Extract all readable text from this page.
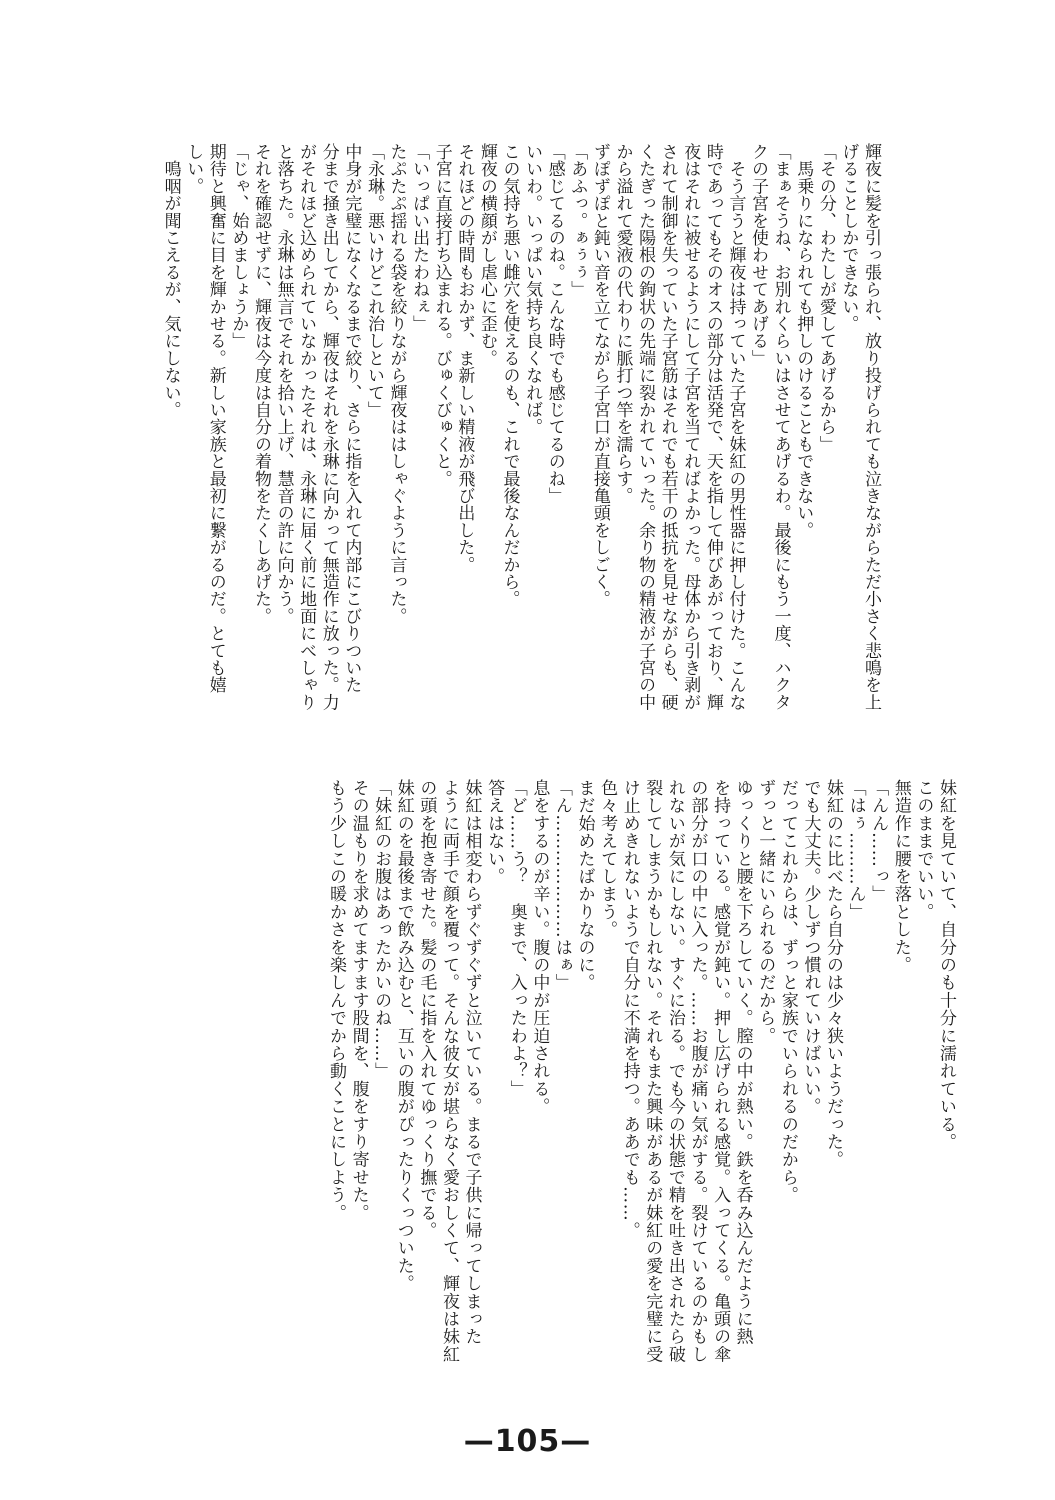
輝夜に髪を引っ張られ、放り投げられても泣きながらただ小さく悲鳴を上
げることしかできない。
「その分、わたしが愛してあげるから」
　馬乗りになられても押しのけることもできない。
「まぁそうね、お別れくらいはさせてあげるわ。最後にもう一度、ハクタ
クの子宮を使わせてあげる」
　そう言うと輝夜は持っていた子宮を妹紅の男性器に押し付けた。こんな
時であってもそのオスの部分は活発で、天を指して伸びあがっており、輝
夜はそれに被せるようにして子宮を当てればよかった。母体から引き剥が
されて制御を失っていた子宮筋はそれでも若干の抵抗を見せながらも、硬
くたぎった陽根の鉤状の先端に裂かれていった。余り物の精液が子宮の中
から溢れて愛液の代わりに脈打つ竿を濡らす。
ずぽずぽと鈍い音を立てながら子宮口が直接亀頭をしごく。
「あふっ。ぁぅぅ」
「感じてるのね。こんな時でも感じてるのね」
いいわ。いっぱい気持ち良くなれば。
この気持ち悪い雌穴を使えるのも、これで最後なんだから。
輝夜の横顔がし虐心に歪む。
それほどの時間もおかず、ま新しい精液が飛び出した。
子宮に直接打ち込まれる。びゅくびゅくと。
「いっぱい出たわねぇ」
たぷたぷ揺れる袋を絞りながら輝夜ははしゃぐように言った。
「永琳。悪いけどこれ治しといて」
中身が完璧になくなるまで絞り、さらに指を入れて内部にこびりついた
分まで掻き出してから、輝夜はそれを永琳に向かって無造作に放った。力
がそれほど込められていなかったそれは、永琳に届く前に地面にべしゃり
と落ちた。永琳は無言でそれを拾い上げ、慧音の許に向かう。
それを確認せずに、輝夜は今度は自分の着物をたくしあげた。
「じゃ、始めましょうか」
期待と興奮に目を輝かせる。新しい家族と最初に繋がるのだ。とても嬉
しい。
　鳴咽が聞こえるが、気にしない。
妹紅を見ていて、自分のも十分に濡れている。
このままでいい。
無造作に腰を落とした。
「んん……っ」
「はぅ………ん」
妹紅のに比べたら自分のは少々狭いようだった。
でも大丈夫。少しずつ慣れていけばいい。
だってこれからは、ずっと家族でいられるのだから。
ずっと一緒にいられるのだから。
ゆっくりと腰を下ろしていく。膣の中が熱い。鉄を呑み込んだように熱
を持っている。感覚が鈍い。押し広げられる感覚。入ってくる。亀頭の傘
の部分が口の中に入った。……お腹が痛い気がする。裂けているのかもし
れないが気にしない。すぐに治る。でも今の状態で精を吐き出されたら破
裂してしまうかもしれない。それもまた興味があるが妹紅の愛を完璧に受
け止めきれないようで自分に不満を持つ。ああでも……。
色々考えてしまう。
まだ始めたばかりなのに。
「ん…………………はぁ」
息をするのが辛い。腹の中が圧迫される。
「ど……う？　奥まで、入ったわよ？」
答えはない。
妹紅は相変わらずぐずぐずと泣いている。まるで子供に帰ってしまった
ように両手で顔を覆って。そんな彼女が堪らなく愛おしくて、輝夜は妹紅
の頭を抱き寄せた。髪の毛に指を入れてゆっくり撫でる。
妹紅のを最後まで飲み込むと、互いの腹がぴったりくっついた。
「妹紅のお腹はあったかいのね……」
その温もりを求めてますます股間を、腹をすり寄せた。
もう少しこの暖かさを楽しんでから動くことにしよう。
—105—
